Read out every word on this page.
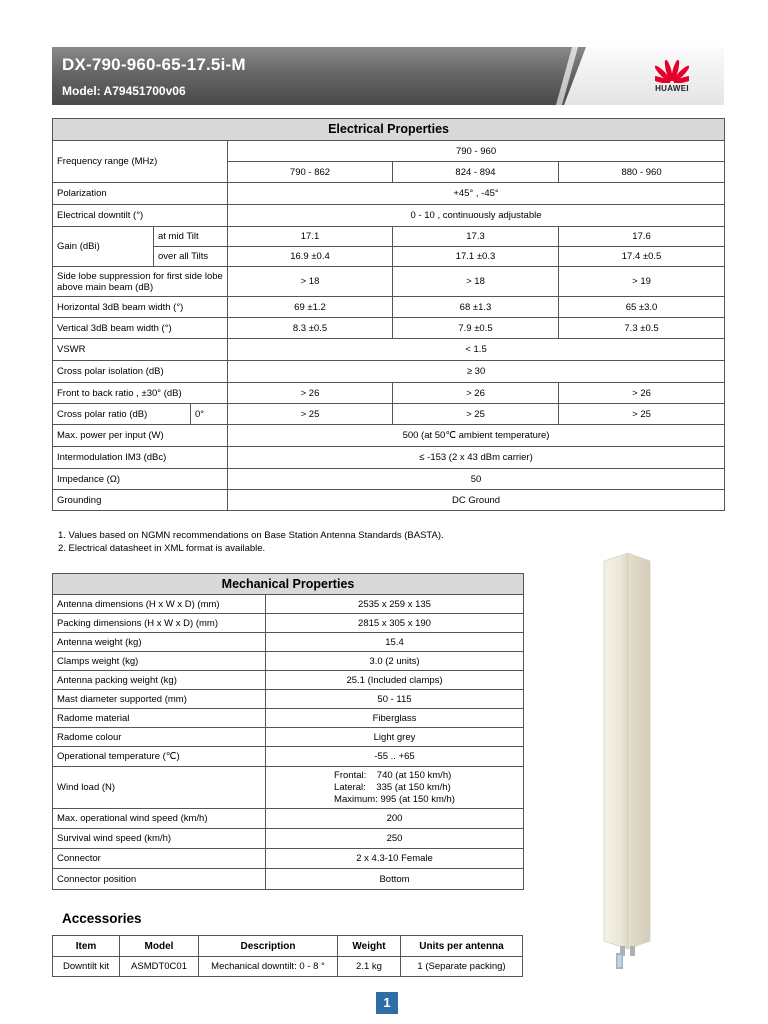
DX-790-960-65-17.5i-M
Model: A79451700v06	HUAWEI
Electrical Properties					
Frequency range (MHz)			790 - 960		
			790 - 862	824 - 894	880 - 960
Polarization			+45° , -45°		
Electrical downtilt (°)			0 - 10 , continuously adjustable		
Gain (dBi)	at mid Tilt		17.1	17.3	17.6
	over all Tilts		16.9 ±0.4	17.1 ±0.3	17.4 ±0.5
Side lobe suppression for first side lobe above main beam (dB)			> 18	> 18	> 19
Horizontal 3dB beam width (°)			69 ±1.2	68 ±1.3	65 ±3.0
Vertical 3dB beam width (°)			8.3 ±0.5	7.9 ±0.5	7.3 ±0.5
VSWR			< 1.5		
Cross polar isolation (dB)			≥ 30		
Front to back ratio , ±30° (dB)			> 26	> 26	> 26
Cross polar ratio (dB)		0°	> 25	> 25	> 25
Max. power per input (W)			500 (at 50℃ ambient temperature)		
Intermodulation IM3 (dBc)			≤ -153 (2 x 43 dBm carrier)		
Impedance (Ω)			50		
Grounding			DC Ground		
1. Values based on NGMN recommendations on Base Station Antenna Standards (BASTA).
2. Electrical datasheet in XML format is available.
Mechanical Properties	
Antenna dimensions (H x W x D) (mm)	2535 x 259 x 135
Packing dimensions (H x W x D) (mm)	2815 x 305 x 190
Antenna weight (kg)	15.4
Clamps weight (kg)	3.0 (2 units)
Antenna packing weight (kg)	25.1 (Included clamps)
Mast diameter supported (mm)	50 - 115
Radome material	Fiberglass
Radome colour	Light grey
Operational temperature (℃)	-55 .. +65
Wind load (N)	Frontal:    740 (at 150 km/h)
Lateral:    335 (at 150 km/h)
Maximum: 995 (at 150 km/h)

Max. operational wind speed (km/h)	200
Survival wind speed (km/h)	250
Connector	2 x 4.3-10 Female
Connector position	Bottom
Accessories
Item	Model	Description	Weight	Units per antenna
Downtilt kit	ASMDT0C01	Mechanical downtilt: 0 - 8 °	2.1 kg	1 (Separate packing)
1
